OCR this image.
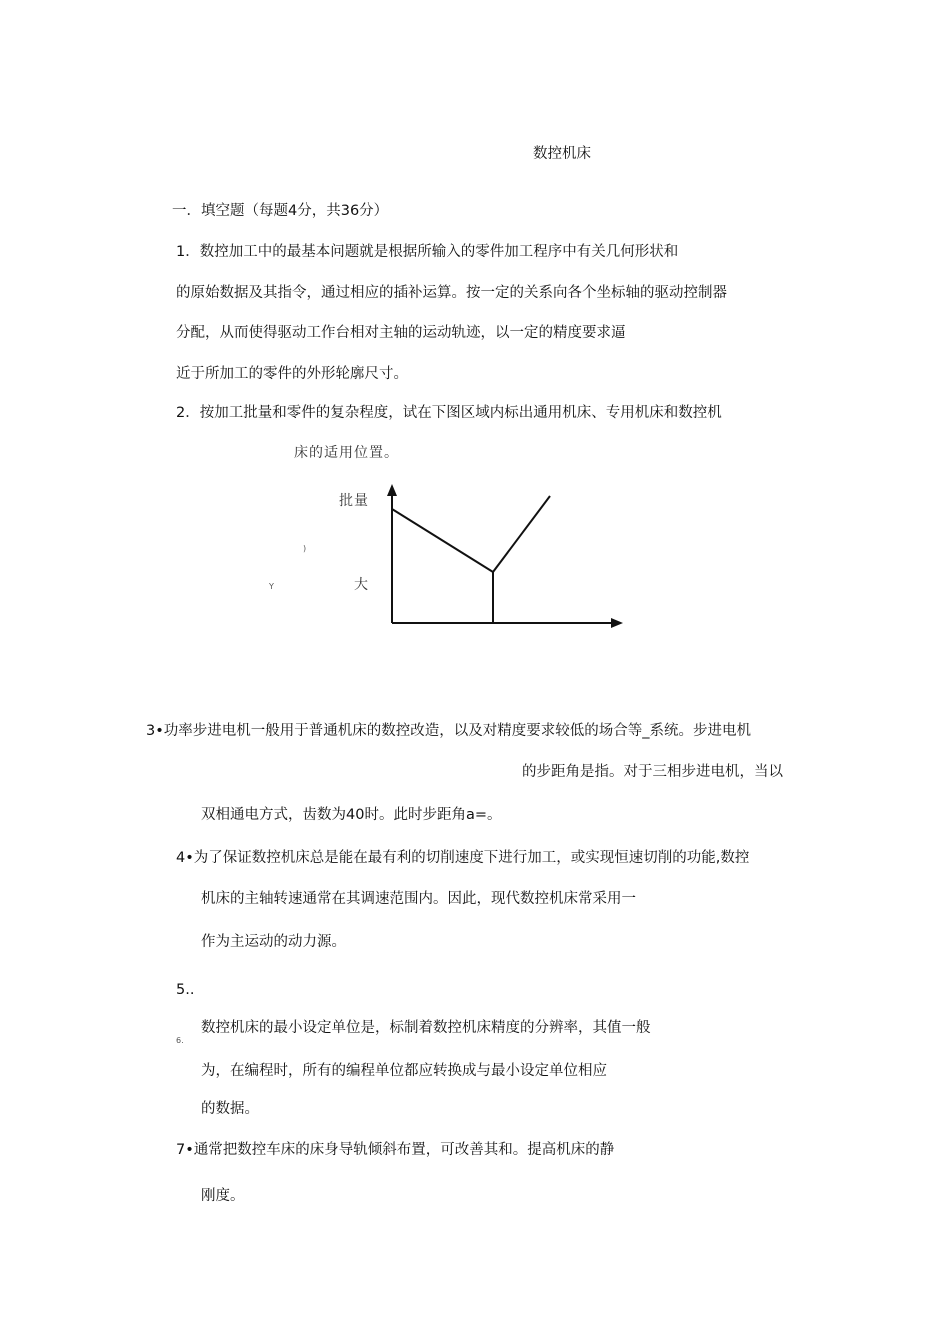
数控机床
一．填空题（每题4分，共36分）
1．数控加工中的最基本问题就是根据所输入的零件加工程序中有关几何形状和
的原始数据及其指令，通过相应的插补运算。按一定的关系向各个坐标轴的驱动控制器
分配，从而使得驱动工作台相对主轴的运动轨迹，以一定的精度要求逼
近于所加工的零件的外形轮廓尺寸。
2．按加工批量和零件的复杂程度，试在下图区域内标出通用机床、专用机床和数控机
床的适用位置。
批量
大
)
Y
3•功率步进电机一般用于普通机床的数控改造，以及对精度要求较低的场合等_系统。步进电机
的步距角是指。对于三相步进电机，当以
双相通电方式，齿数为40时。此时步距角a=。
4•为了保证数控机床总是能在最有利的切削速度下进行加工，或实现恒速切削的功能,数控
机床的主轴转速通常在其调速范围内。因此，现代数控机床常采用一
作为主运动的动力源。
5..
6.
数控机床的最小设定单位是，标制着数控机床精度的分辨率，其值一般
为，在编程时，所有的编程单位都应转换成与最小设定单位相应
的数据。
7•通常把数控车床的床身导轨倾斜布置，可改善其和。提高机床的静
刚度。
